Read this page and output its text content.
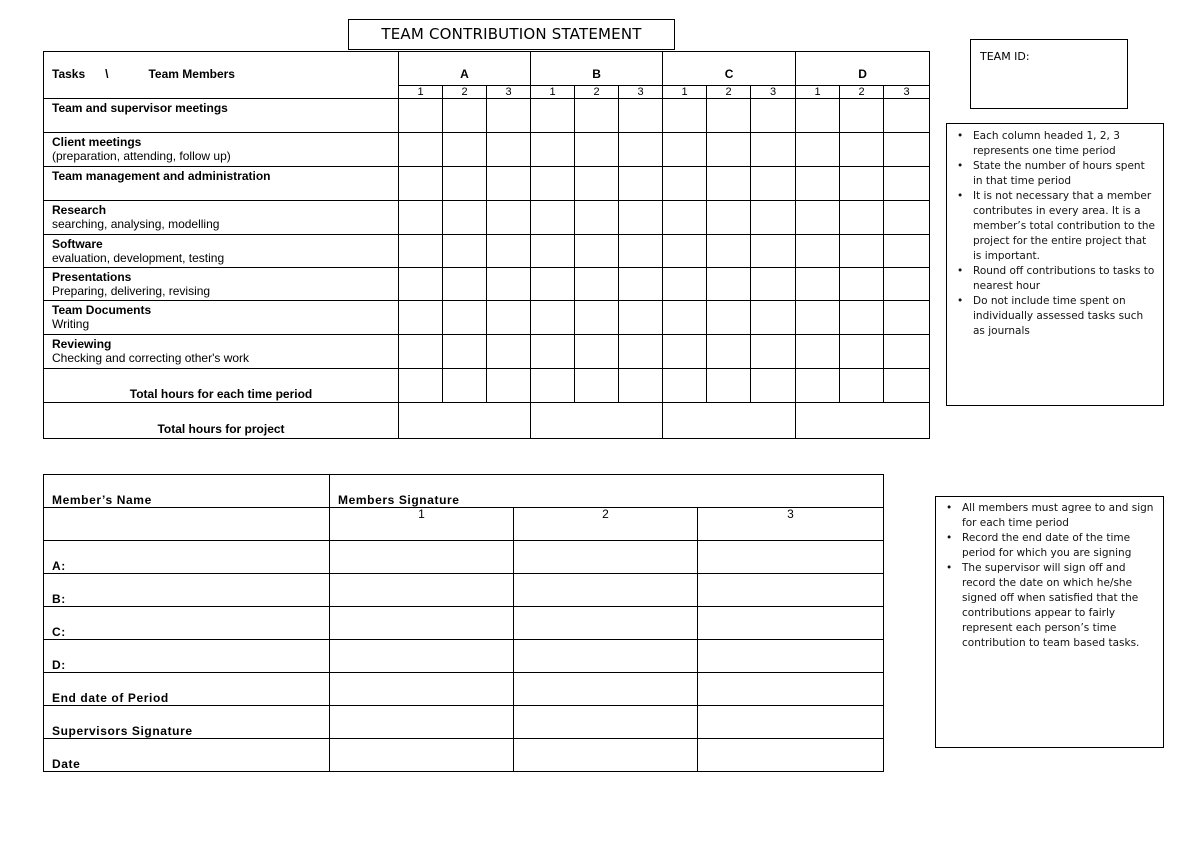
TEAM CONTRIBUTION STATEMENT
TEAM ID:
Tasks      \            Team Members	A			B			C			D		
	1	2	3	1	2	3	1	2	3	1	2	3

Team and supervisor meetings												

Client meetings
(preparation, attending, follow up)												

Team management and administration												

Research
searching, analysing, modelling												

Software
evaluation, development, testing												

Presentations
Preparing, delivering, revising												

Team Documents
Writing												

Reviewing
Checking and correcting other's work												

Total hours for each time period												
Total hours for project												
Member’s Name	Members Signature		
	1	2	3
A:			
B:			
C:			
D:			
End date of Period			
Supervisors Signature			
Date			
• Each column headed 1, 2, 3 represents one time period
• State the number of hours spent in that time period
• It is not necessary that a member contributes in every area. It is a member’s total contribution to the project for the entire project that is important.
• Round off contributions to tasks to nearest hour
• Do not include time spent on individually assessed tasks such as journals
• All members must agree to and sign for each time period
• Record the end date of the time period for which you are signing
• The supervisor will sign off and record the date on which he/she signed off when satisfied that the contributions appear to fairly represent each person’s time contribution to team based tasks.
